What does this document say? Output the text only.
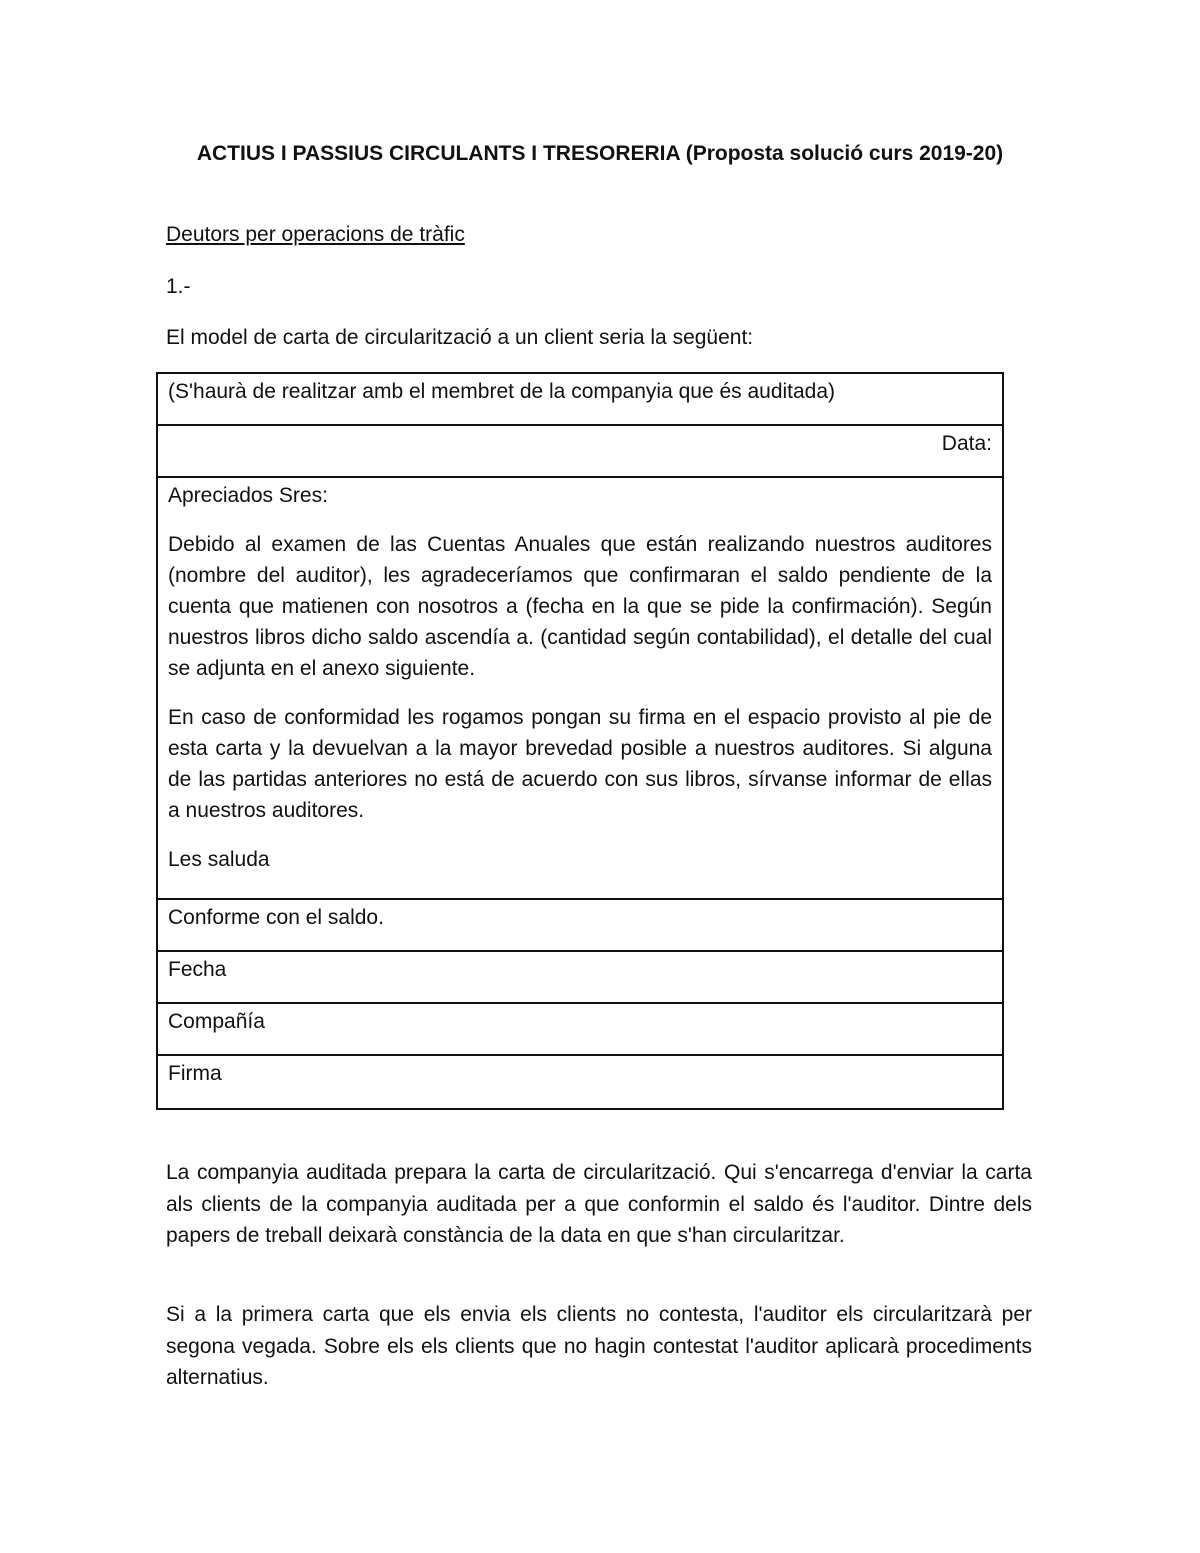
ACTIUS I PASSIUS CIRCULANTS I TRESORERIA (Proposta solució curs 2019-20)
Deutors per operacions de tràfic
1.-
El model de carta de circularització a un client seria la següent:
(S'haurà de realitzar amb el membret de la companyia que és auditada)
Data:

Apreciados Sres:

Debido al examen de las Cuentas Anuales que están realizando nuestros auditores (nombre del auditor), les agradeceríamos que confirmaran el saldo pendiente de la cuenta que matienen con nosotros a (fecha en la que se pide la confirmación). Según nuestros libros dicho saldo ascendía a. (cantidad según contabilidad), el detalle del cual se adjunta en el anexo siguiente.

En caso de conformidad les rogamos pongan su firma en el espacio provisto al pie de esta carta y la devuelvan a la mayor brevedad posible a nuestros auditores. Si alguna de las partidas anteriores no está de acuerdo con sus libros, sírvanse informar de ellas a nuestros auditores.

Les saluda

Conforme con el saldo.
Fecha
Compañía
Firma

La companyia auditada prepara la carta de circularització. Qui s'encarrega d'enviar la carta als clients de la companyia auditada per a que conformin el saldo és l'auditor. Dintre dels papers de treball deixarà constància de la data en que s'han circularitzar.

Si a la primera carta que els envia els clients no contesta, l'auditor els circularitzarà per segona vegada. Sobre els els clients que no hagin contestat l'auditor aplicarà procediments alternatius.
